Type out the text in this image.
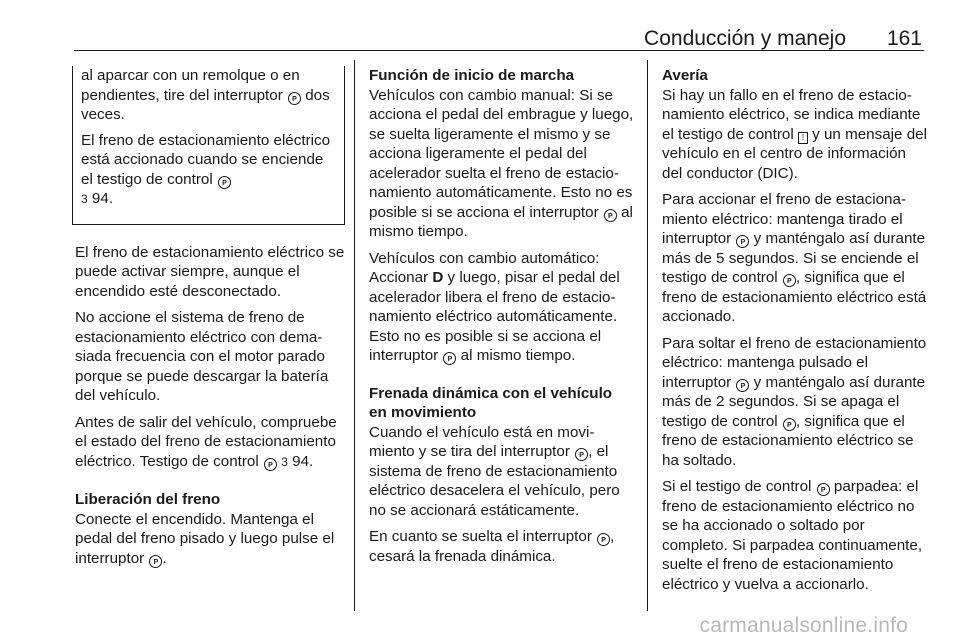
Conducción y manejo 161

al aparcar con un remolque o en pendientes, tire del interruptor P dos veces.

El freno de estacionamiento eléctrico está accionado cuando se enciende el testigo de control P
3 94.

El freno de estacionamiento eléctrico se puede activar siempre, aunque el encendido esté desconectado.

No accione el sistema de freno de estacionamiento eléctrico con demasiada frecuencia con el motor parado porque se puede descargar la batería del vehículo.

Antes de salir del vehículo, compruebe el estado del freno de estacionamiento eléctrico. Testigo de control P 3 94.

Liberación del freno

Conecte el encendido. Mantenga el pedal del freno pisado y luego pulse el interruptor P .

Función de inicio de marcha

Vehículos con cambio manual: Si se acciona el pedal del embrague y luego, se suelta ligeramente el mismo y se acciona ligeramente el pedal del acelerador suelta el freno de estacionamiento automáticamente. Esto no es posible si se acciona el interruptor P al mismo tiempo.

Vehículos con cambio automático: Accionar D y luego, pisar el pedal del acelerador libera el freno de estacionamiento eléctrico automáticamente. Esto no es posible si se acciona el interruptor P al mismo tiempo.

Frenada dinámica con el vehículo en movimiento

Cuando el vehículo está en movimiento y se tira del interruptor P , el sistema de freno de estacionamiento eléctrico desacelera el vehículo, pero no se accionará estáticamente.

En cuanto se suelta el interruptor P , cesará la frenada dinámica.

Avería

Si hay un fallo en el freno de estacionamiento eléctrico, se indica mediante el testigo de control ! y un mensaje del vehículo en el centro de información del conductor (DIC).

Para accionar el freno de estacionamiento eléctrico: mantenga tirado el interruptor P y manténgalo así durante más de 5 segundos. Si se enciende el testigo de control P , significa que el freno de estacionamiento eléctrico está accionado.

Para soltar el freno de estacionamiento eléctrico: mantenga pulsado el interruptor P y manténgalo así durante más de 2 segundos. Si se apaga el testigo de control P , significa que el freno de estacionamiento eléctrico se ha soltado.

Si el testigo de control P parpadea: el freno de estacionamiento eléctrico no se ha accionado o soltado por completo. Si parpadea continuamente, suelte el freno de estacionamiento eléctrico y vuelva a accionarlo.

carmanualsonline.info
